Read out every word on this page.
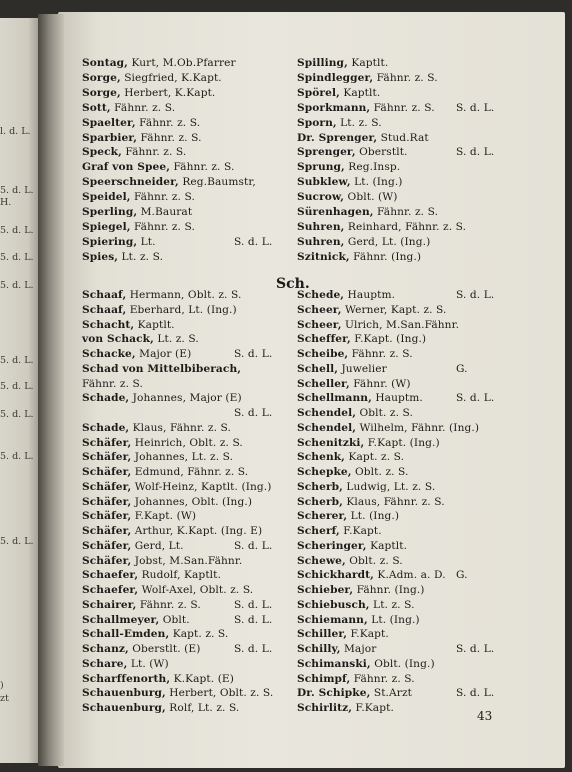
l. d. L.
5. d. L.
H.
5. d. L.
5. d. L.
5. d. L.
5. d. L.
5. d. L.
5. d. L.
5. d. L.
5. d. L.
)
zt
Sontag, Kurt, M.Ob.Pfarrer
Sorge, Siegfried, K.Kapt.
Sorge, Herbert, K.Kapt.
Sott, Fähnr. z. S.
Spaelter, Fähnr. z. S.
Sparbier, Fähnr. z. S.
Speck, Fähnr. z. S.
Graf von Spee, Fähnr. z. S.
Speerschneider, Reg.Baumstr,
Speidel, Fähnr. z. S.
Sperling, M.Baurat
Spiegel, Fähnr. z. S.
Spiering, Lt.	S. d. L.
Spies, Lt. z. S.
Spilling, Kaptlt.
Spindlegger, Fähnr. z. S.
Spörel, Kaptlt.
Sporkmann, Fähnr. z. S. S. d. L.
Sporn, Lt. z. S.
Dr. Sprenger, Stud.Rat
Sprenger, Oberstlt.	S. d. L.
Sprung, Reg.Insp.
Subklew, Lt. (Ing.)
Sucrow, Oblt. (W)
Sürenhagen, Fähnr. z. S.
Suhren, Reinhard, Fähnr. z. S.
Suhren, Gerd, Lt. (Ing.)
Szitnick, Fähnr. (Ing.)
Sch.
Schaaf, Hermann, Oblt. z. S.
Schaaf, Eberhard, Lt. (Ing.)
Schacht, Kaptlt.
von Schack, Lt. z. S.
Schacke, Major (E)	S. d. L.
Schad von Mittelbiberach,
Fähnr. z. S.
Schade, Johannes, Major (E)
S. d. L.
Schade, Klaus, Fähnr. z. S.
Schäfer, Heinrich, Oblt. z. S.
Schäfer, Johannes, Lt. z. S.
Schäfer, Edmund, Fähnr. z. S.
Schäfer, Wolf-Heinz, Kaptlt. (Ing.)
Schäfer, Johannes, Oblt. (Ing.)
Schäfer, F.Kapt. (W)
Schäfer, Arthur, K.Kapt. (Ing. E)
Schäfer, Gerd, Lt.	S. d. L.
Schäfer, Jobst, M.San.Fähnr.
Schaefer, Rudolf, Kaptlt.
Schaefer, Wolf-Axel, Oblt. z. S.
Schairer, Fähnr. z. S.	S. d. L.
Schallmeyer, Oblt.	S. d. L.
Schall-Emden, Kapt. z. S.
Schanz, Oberstlt. (E)	S. d. L.
Schare, Lt. (W)
Scharffenorth, K.Kapt. (E)
Schauenburg, Herbert, Oblt. z. S.
Schauenburg, Rolf, Lt. z. S.
Schede, Hauptm.	S. d. L.
Scheer, Werner, Kapt. z. S.
Scheer, Ulrich, M.San.Fähnr.
Scheffer, F.Kapt. (Ing.)
Scheibe, Fähnr. z. S.
Schell, Juwelier	G.
Scheller, Fähnr. (W)
Schellmann, Hauptm.	S. d. L.
Schendel, Oblt. z. S.
Schendel, Wilhelm, Fähnr. (Ing.)
Schenitzki, F.Kapt. (Ing.)
Schenk, Kapt. z. S.
Schepke, Oblt. z. S.
Scherb, Ludwig, Lt. z. S.
Scherb, Klaus, Fähnr. z. S.
Scherer, Lt. (Ing.)
Scherf, F.Kapt.
Scheringer, Kaptlt.
Schewe, Oblt. z. S.
Schickhardt, K.Adm. a. D. G.
Schieber, Fähnr. (Ing.)
Schiebusch, Lt. z. S.
Schiemann, Lt. (Ing.)
Schiller, F.Kapt.
Schilly, Major	S. d. L.
Schimanski, Oblt. (Ing.)
Schimpf, Fähnr. z. S.
Dr. Schipke, St.Arzt	S. d. L.
Schirlitz, F.Kapt.
43
